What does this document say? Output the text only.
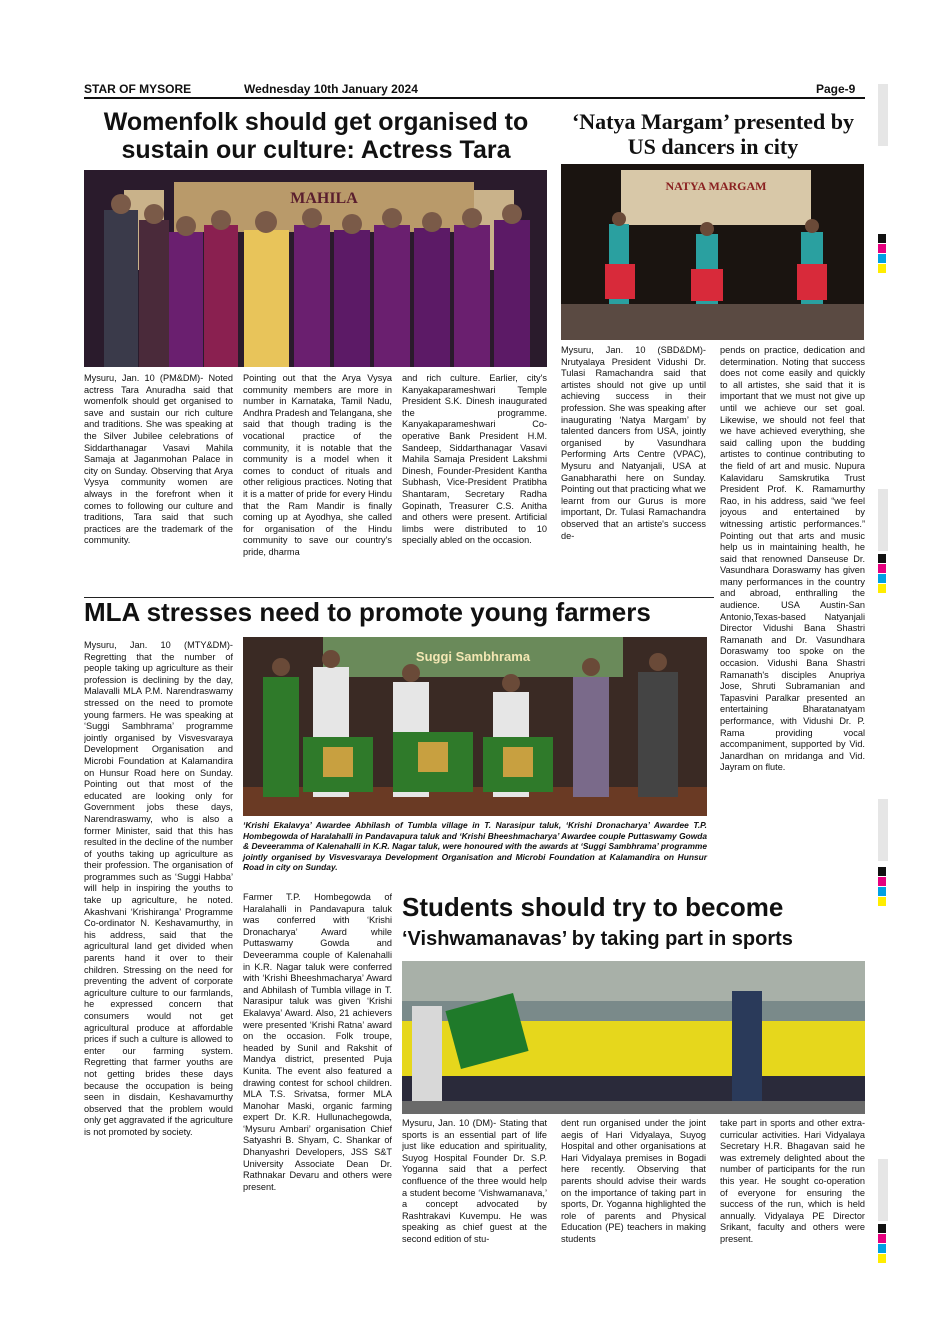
STAR OF MYSORE	Wednesday 10th January 2024	Page-9
Womenfolk should get organised to sustain our culture: Actress Tara
MAHILA
Mysuru, Jan. 10 (PM&DM)- Noted actress Tara Anuradha said that womenfolk should get organised to save and sustain our rich culture and traditions. She was speaking at the Silver Jubilee celebrations of Siddarthanagar Vasavi Mahila Samaja at Jaganmohan Palace in city on Sunday. Observing that Arya Vysya community women are always in the forefront when it comes to following our culture and traditions, Tara said that such practices are the trademark of the community.
Pointing out that the Arya Vysya community members are more in number in Karnataka, Tamil Nadu, Andhra Pradesh and Telangana, she said that though trading is the vocational practice of the community, it is notable that the community is a model when it comes to conduct of rituals and other religious practices. Noting that it is a matter of pride for every Hindu that the Ram Mandir is finally coming up at Ayodhya, she called for organisation of the Hindu community to save our country's pride, dharma
and rich culture. Earlier, city's Kanyakaparameshwari Temple President S.K. Dinesh inaugurated the programme. Kanyakaparameshwari Co-operative Bank President H.M. Sandeep, Siddarthanagar Vasavi Mahila Samaja President Lakshmi Dinesh, Founder-President Kantha Subhash, Vice-President Pratibha Shantaram, Secretary Radha Gopinath, Treasurer C.S. Anitha and others were present. Artificial limbs were distributed to 10 specially abled on the occasion.
‘Natya Margam’ presented by US dancers in city
NATYA MARGAM
Mysuru, Jan. 10 (SBD&DM)- Nrutyalaya President Vidushi Dr. Tulasi Ramachandra said that artistes should not give up until achieving success in their profession. She was speaking after inaugurating ‘Natya Margam’ by talented dancers from USA, jointly organised by Vasundhara Performing Arts Centre (VPAC), Mysuru and Natyanjali, USA at Ganabharathi here on Sunday. Pointing out that practicing what we learnt from our Gurus is more important, Dr. Tulasi Ramachandra observed that an artiste's success de-
pends on practice, dedication and determination. Noting that success does not come easily and quickly to all artistes, she said that it is important that we must not give up until we achieve our set goal. Likewise, we should not feel that we have achieved everything, she said calling upon the budding artistes to continue contributing to the field of art and music. Nupura Kalavidaru Samskrutika Trust President Prof. K. Ramamurthy Rao, in his address, said “we feel joyous and entertained by witnessing artistic performances.” Pointing out that arts and music help us in maintaining health, he said that renowned Danseuse Dr. Vasundhara Doraswamy has given many performances in the country and abroad, enthralling the audience. USA Austin-San Antonio,Texas-based Natyanjali Director Vidushi Bana Shastri Ramanath and Dr. Vasundhara Doraswamy too spoke on the occasion. Vidushi Bana Shastri Ramanath's disciples Anupriya Jose, Shruti Subramanian and Tapasvini Paralkar presented an entertaining Bharatanatyam performance, with Vidushi Dr. P. Rama providing vocal accompaniment, supported by Vid. Janardhan on mridanga and Vid. Jayram on flute.
MLA stresses need to promote young farmers
Suggi Sambhrama
‘Krishi Ekalavya’ Awardee Abhilash of Tumbla village in T. Narasipur taluk, ‘Krishi Dronacharya’ Awardee T.P. Hombegowda of Haralahalli in Pandavapura taluk and ‘Krishi Bheeshmacharya’ Awardee couple Puttaswamy Gowda & Deveeramma of Kalenahalli in K.R. Nagar taluk, were honoured with the awards at ‘Suggi Sambhrama’ programme jointly organised by Visvesvaraya Development Organisation and Microbi Foundation at Kalamandira on Hunsur Road in city on Sunday.
Mysuru, Jan. 10 (MTY&DM)- Regretting that the number of people taking up agriculture as their profession is declining by the day, Malavalli MLA P.M. Narendraswamy stressed on the need to promote young farmers. He was speaking at ‘Suggi Sambhrama’ programme jointly organised by Visvesvaraya Development Organisation and Microbi Foundation at Kalamandira on Hunsur Road here on Sunday. Pointing out that most of the educated are looking only for Government jobs these days, Narendraswamy, who is also a former Minister, said that this has resulted in the decline of the number of youths taking up agriculture as their profession. The organisation of programmes such as ‘Suggi Habba’ will help in inspiring the youths to take up agriculture, he noted. Akashvani ‘Krishiranga’ Programme Co-ordinator N. Keshavamurthy, in his address, said that the agricultural land get divided when parents hand it over to their children. Stressing on the need for preventing the advent of corporate agriculture culture to our farmlands, he expressed concern that consumers would not get agricultural produce at affordable prices if such a culture is allowed to enter our farming system. Regretting that farmer youths are not getting brides these days because the occupation is being seen in disdain, Keshavamurthy observed that the problem would only get aggravated if the agriculture is not promoted by society.
Farmer T.P. Hombegowda of Haralahalli in Pandavapura taluk was conferred with ‘Krishi Dronacharya’ Award while Puttaswamy Gowda and Deveeramma couple of Kalenahalli in K.R. Nagar taluk were conferred with ‘Krishi Bheeshmacharya’ Award and Abhilash of Tumbla village in T. Narasipur taluk was given ‘Krishi Ekalavya’ Award. Also, 21 achievers were presented ‘Krishi Ratna’ award on the occasion. Folk troupe, headed by Sunil and Rakshit of Mandya district, presented Puja Kunita. The event also featured a drawing contest for school children. MLA T.S. Srivatsa, former MLA Manohar Maski, organic farming expert Dr. K.R. Hullunachegowda, ‘Mysuru Ambari’ organisation Chief Satyashri B. Shyam, C. Shankar of Dhanyashri Developers, JSS S&T University Associate Dean Dr. Rathnakar Devaru and others were present.
Students should try to become
‘Vishwamanavas’ by taking part in sports
Mysuru, Jan. 10 (DM)- Stating that sports is an essential part of life just like education and spirituality, Suyog Hospital Founder Dr. S.P. Yoganna said that a perfect confluence of the three would help a student become ‘Vishwamanava,’ a concept advocated by Rashtrakavi Kuvempu. He was speaking as chief guest at the second edition of stu-
dent run organised under the joint aegis of Hari Vidyalaya, Suyog Hospital and other organisations at Hari Vidyalaya premises in Bogadi here recently. Observing that parents should advise their wards on the importance of taking part in sports, Dr. Yoganna highlighted the role of parents and Physical Education (PE) teachers in making students
take part in sports and other extra-curricular activities. Hari Vidyalaya Secretary H.R. Bhagavan said he was extremely delighted about the number of participants for the run this year. He sought co-operation of everyone for ensuring the success of the run, which is held annually. Vidyalaya PE Director Srikant, faculty and others were present.
